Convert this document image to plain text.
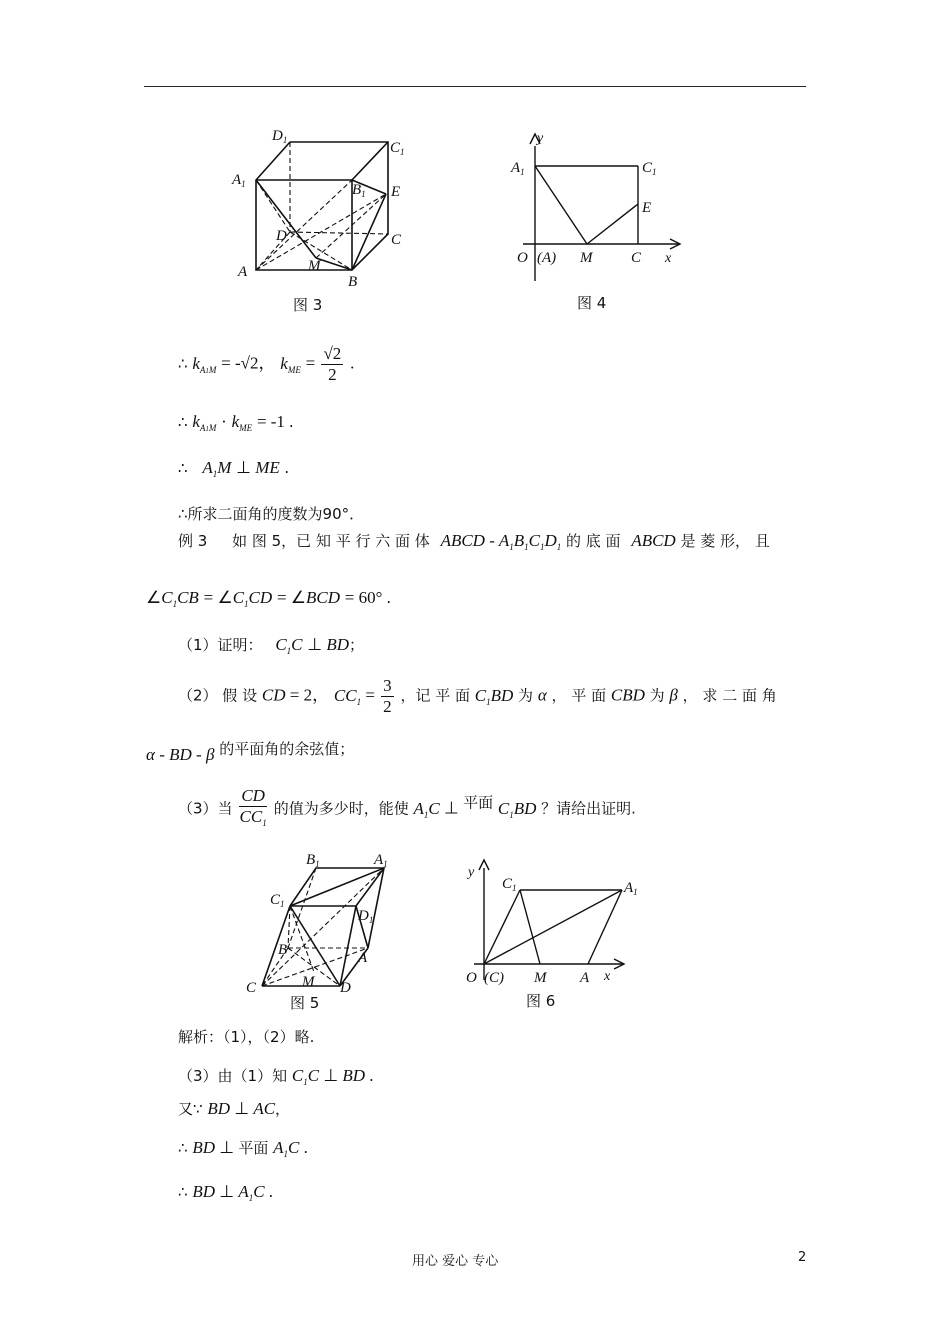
$D_1$	$C_1$
$A_1$	$B_1$ E
D	C
A	M
B
图 3
y
$A_1$	$C_1$
E
O (A) M	C x
图 4
∴ $k_{A1M} = -√2$， $k_{ME} = \frac{√2}{2}$ .
∴ $k_{A1M} \cdot k_{ME} = -1$ .
∴ $A_1M$ ⊥ ME .
∴所求二面角的度数为90°．
例 3 如 图 5，已 知 平 行 六 面 体 ABCD - $A_1B_1C_1D_1$ 的 底 面 ABCD 是 菱 形， 且
$\angle C_1CB$ = $\angle C_1CD$ = ∠BCD = 60° .
（1）证明： $C_1C$ ⊥ BD；
（2） 假 设 CD = 2， $CC_1 = \frac{3}{2}$ ，记 平 面 $C_1BD$ 为 α ， 平 面 CBD 为 β ， 求 二 面 角
α - BD - β 的平面角的余弦值；
（3）当 $\frac{CD}{CC_1}$ 的值为多少时，能使 $A_1C$ ⊥ 平面 $C_1BD$ ？请给出证明.
$B_1$	$A_1$
$C_1$
$D_1$
B	A
C	M D
图 5
y
$C_1$	$A_1$
O (C) M A x
图 6
解析：（1），（2）略.
（3）由（1）知 $C_1C$ ⊥ BD .
又∵ BD ⊥ AC，
∴ BD ⊥ 平面 $A_1C$ .
∴ BD ⊥ $A_1C$ .
用心 爱心 专心	2
